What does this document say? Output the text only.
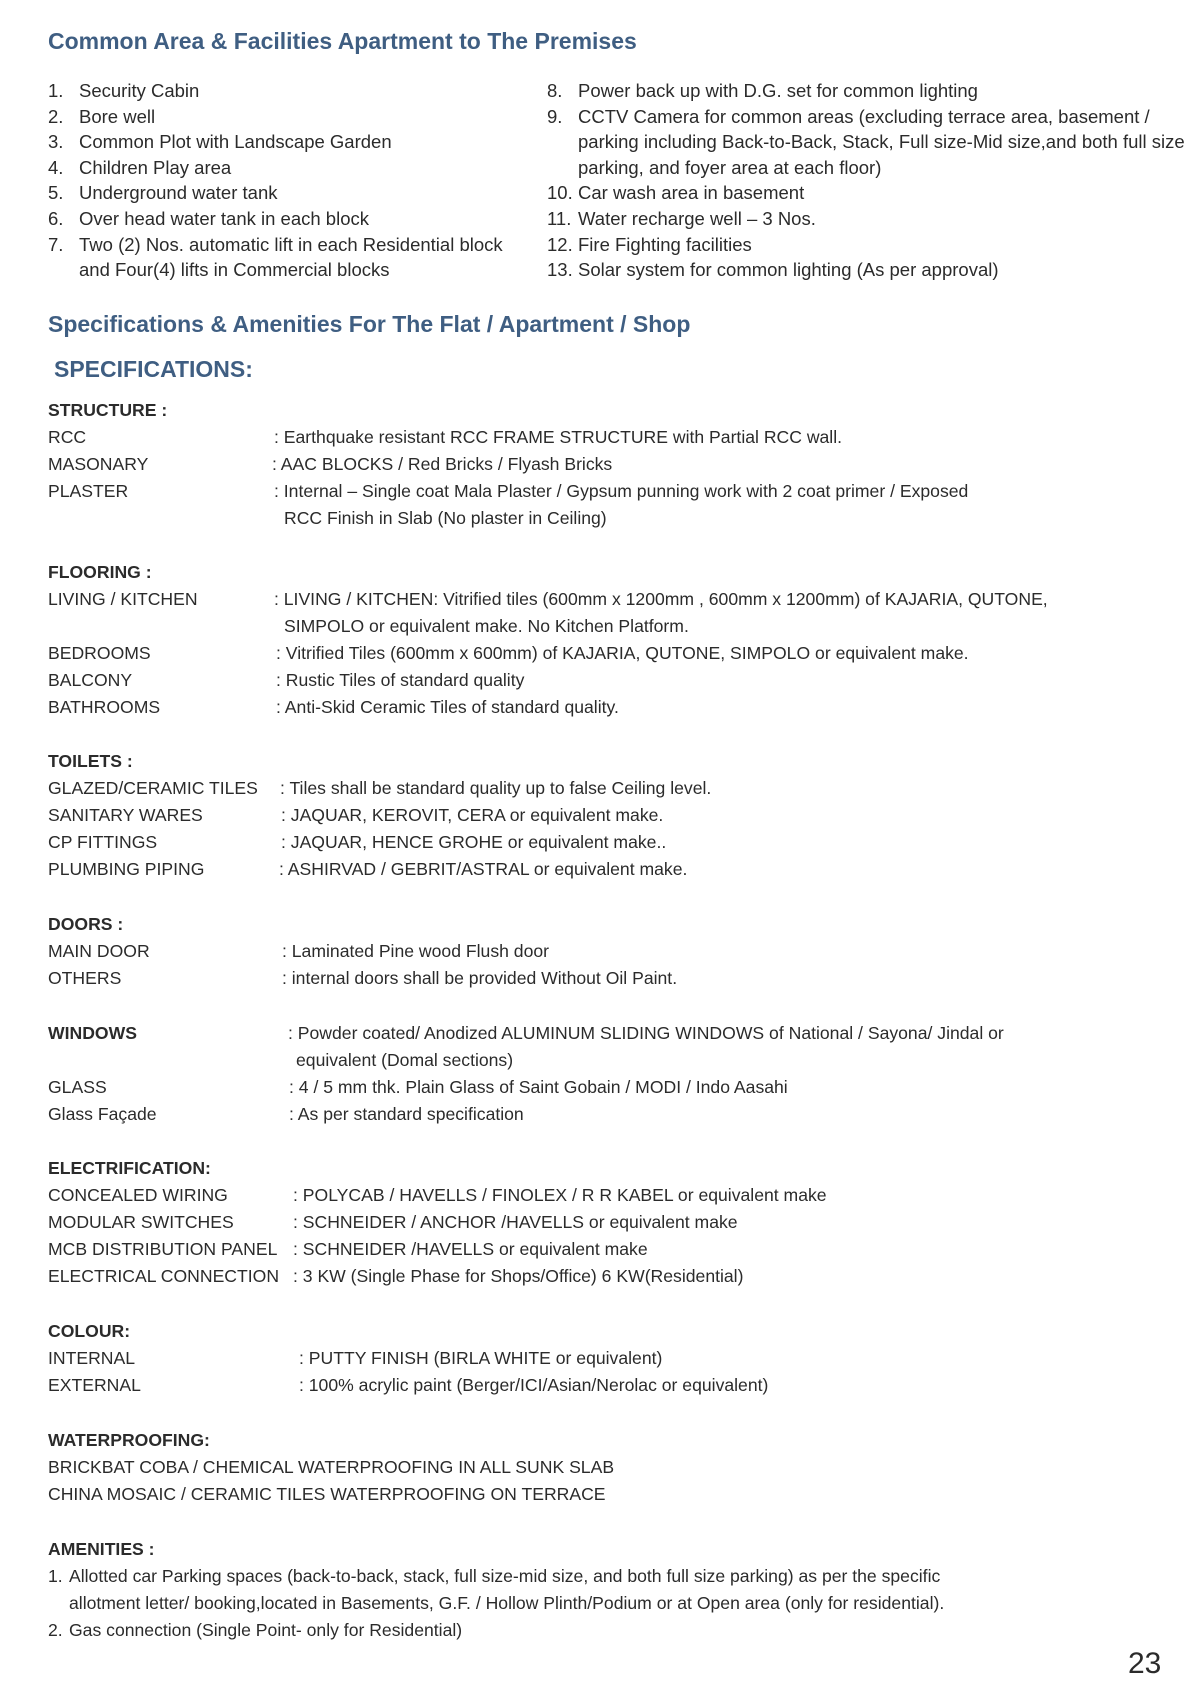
Common Area & Facilities Apartment to The Premises
1. Security Cabin
2. Bore well
3. Common Plot with Landscape Garden
4. Children Play area
5. Underground water tank
6. Over head water tank in each block
7. Two (2) Nos. automatic lift in each Residential block and Four(4) lifts in Commercial blocks
8. Power back up with D.G. set for common lighting
9. CCTV Camera for common areas (excluding terrace area, basement / parking including Back-to-Back, Stack, Full size-Mid size,and both full size parking, and foyer area at each floor)
10. Car wash area in basement
11. Water recharge well – 3 Nos.
12. Fire Fighting facilities
13. Solar system for common lighting (As per approval)
Specifications & Amenities For The Flat / Apartment / Shop
SPECIFICATIONS:
STRUCTURE :
RCC	: Earthquake resistant RCC FRAME STRUCTURE with Partial RCC wall.
MASONARY	: AAC BLOCKS / Red Bricks / Flyash Bricks
PLASTER	: Internal – Single coat Mala Plaster / Gypsum punning work with 2 coat primer / Exposed
RCC Finish in Slab (No plaster in Ceiling)
FLOORING :
LIVING / KITCHEN	: LIVING / KITCHEN: Vitrified tiles (600mm x 1200mm , 600mm x 1200mm) of KAJARIA, QUTONE,
SIMPOLO or equivalent make. No Kitchen Platform.
BEDROOMS	: Vitrified Tiles (600mm x 600mm) of KAJARIA, QUTONE, SIMPOLO or equivalent make.
BALCONY	: Rustic Tiles of standard quality
BATHROOMS	: Anti-Skid Ceramic Tiles of standard quality.
TOILETS :
GLAZED/CERAMIC TILES : Tiles shall be standard quality up to false Ceiling level.
SANITARY WARES	: JAQUAR, KEROVIT, CERA or equivalent make.
CP FITTINGS	: JAQUAR, HENCE GROHE or equivalent make..
PLUMBING PIPING	: ASHIRVAD / GEBRIT/ASTRAL or equivalent make.
DOORS :
MAIN DOOR	: Laminated Pine wood Flush door
OTHERS	: internal doors shall be provided Without Oil Paint.
WINDOWS	: Powder coated/ Anodized ALUMINUM SLIDING WINDOWS of National / Sayona/ Jindal or
equivalent (Domal sections)
GLASS	: 4 / 5 mm thk. Plain Glass of Saint Gobain / MODI / Indo Aasahi
Glass Façade	: As per standard specification
ELECTRIFICATION:
CONCEALED WIRING	: POLYCAB / HAVELLS / FINOLEX / R R KABEL or equivalent make
MODULAR SWITCHES	: SCHNEIDER / ANCHOR /HAVELLS or equivalent make
MCB DISTRIBUTION PANEL : SCHNEIDER /HAVELLS or equivalent make
ELECTRICAL CONNECTION : 3 KW (Single Phase for Shops/Office) 6 KW(Residential)
COLOUR:
INTERNAL	: PUTTY FINISH (BIRLA WHITE or equivalent)
EXTERNAL	: 100% acrylic paint (Berger/ICI/Asian/Nerolac or equivalent)
WATERPROOFING:
BRICKBAT COBA / CHEMICAL WATERPROOFING IN ALL SUNK SLAB
CHINA MOSAIC / CERAMIC TILES WATERPROOFING ON TERRACE
AMENITIES :
1. Allotted car Parking spaces (back-to-back, stack, full size-mid size, and both full size parking) as per the specific
allotment letter/ booking,located in Basements, G.F. / Hollow Plinth/Podium or at Open area (only for residential).
2. Gas connection (Single Point- only for Residential)
23
